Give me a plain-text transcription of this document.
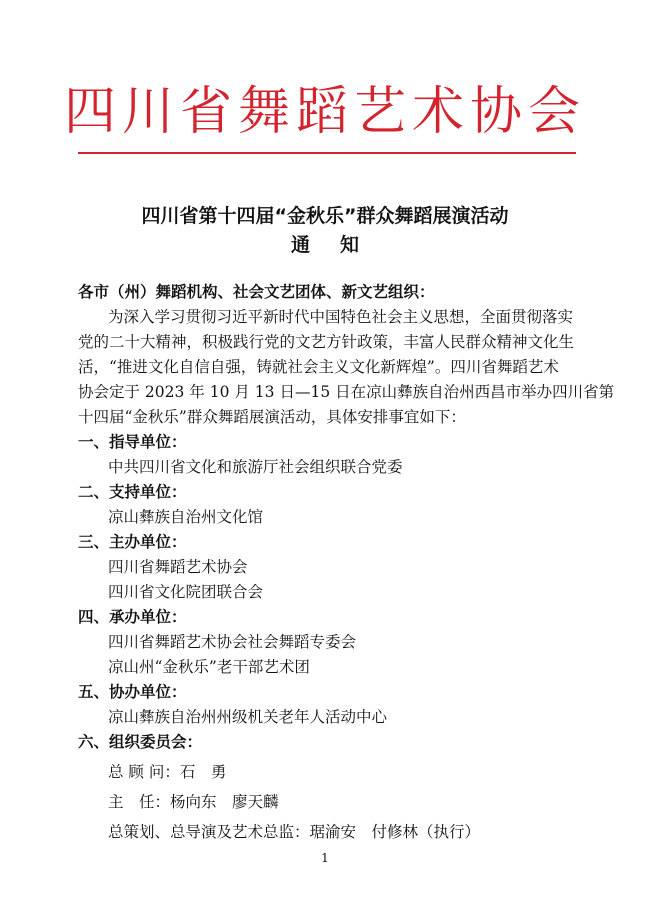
四川省舞蹈艺术协会
四川省第十四届“金秋乐”群众舞蹈展演活动
通知
各市（州）舞蹈机构、社会文艺团体、新文艺组织：
为深入学习贯彻习近平新时代中国特色社会主义思想，全面贯彻落实
党的二十大精神，积极践行党的文艺方针政策，丰富人民群众精神文化生
活，“推进文化自信自强，铸就社会主义文化新辉煌”。四川省舞蹈艺术
协会定于 2023 年 10 月 13 日—15 日在凉山彝族自治州西昌市举办四川省第
十四届“金秋乐”群众舞蹈展演活动，具体安排事宜如下：
一、指导单位：
中共四川省文化和旅游厅社会组织联合党委
二、支持单位：
凉山彝族自治州文化馆
三、主办单位：
四川省舞蹈艺术协会
四川省文化院团联合会
四、承办单位：
四川省舞蹈艺术协会社会舞蹈专委会
凉山州“金秋乐”老干部艺术团
五、协办单位：
凉山彝族自治州州级机关老年人活动中心
六、组织委员会：
总 顾 问：石　勇
主　任：杨向东　廖天麟
总策划、总导演及艺术总监：琚渝安　付修林（执行）
1
